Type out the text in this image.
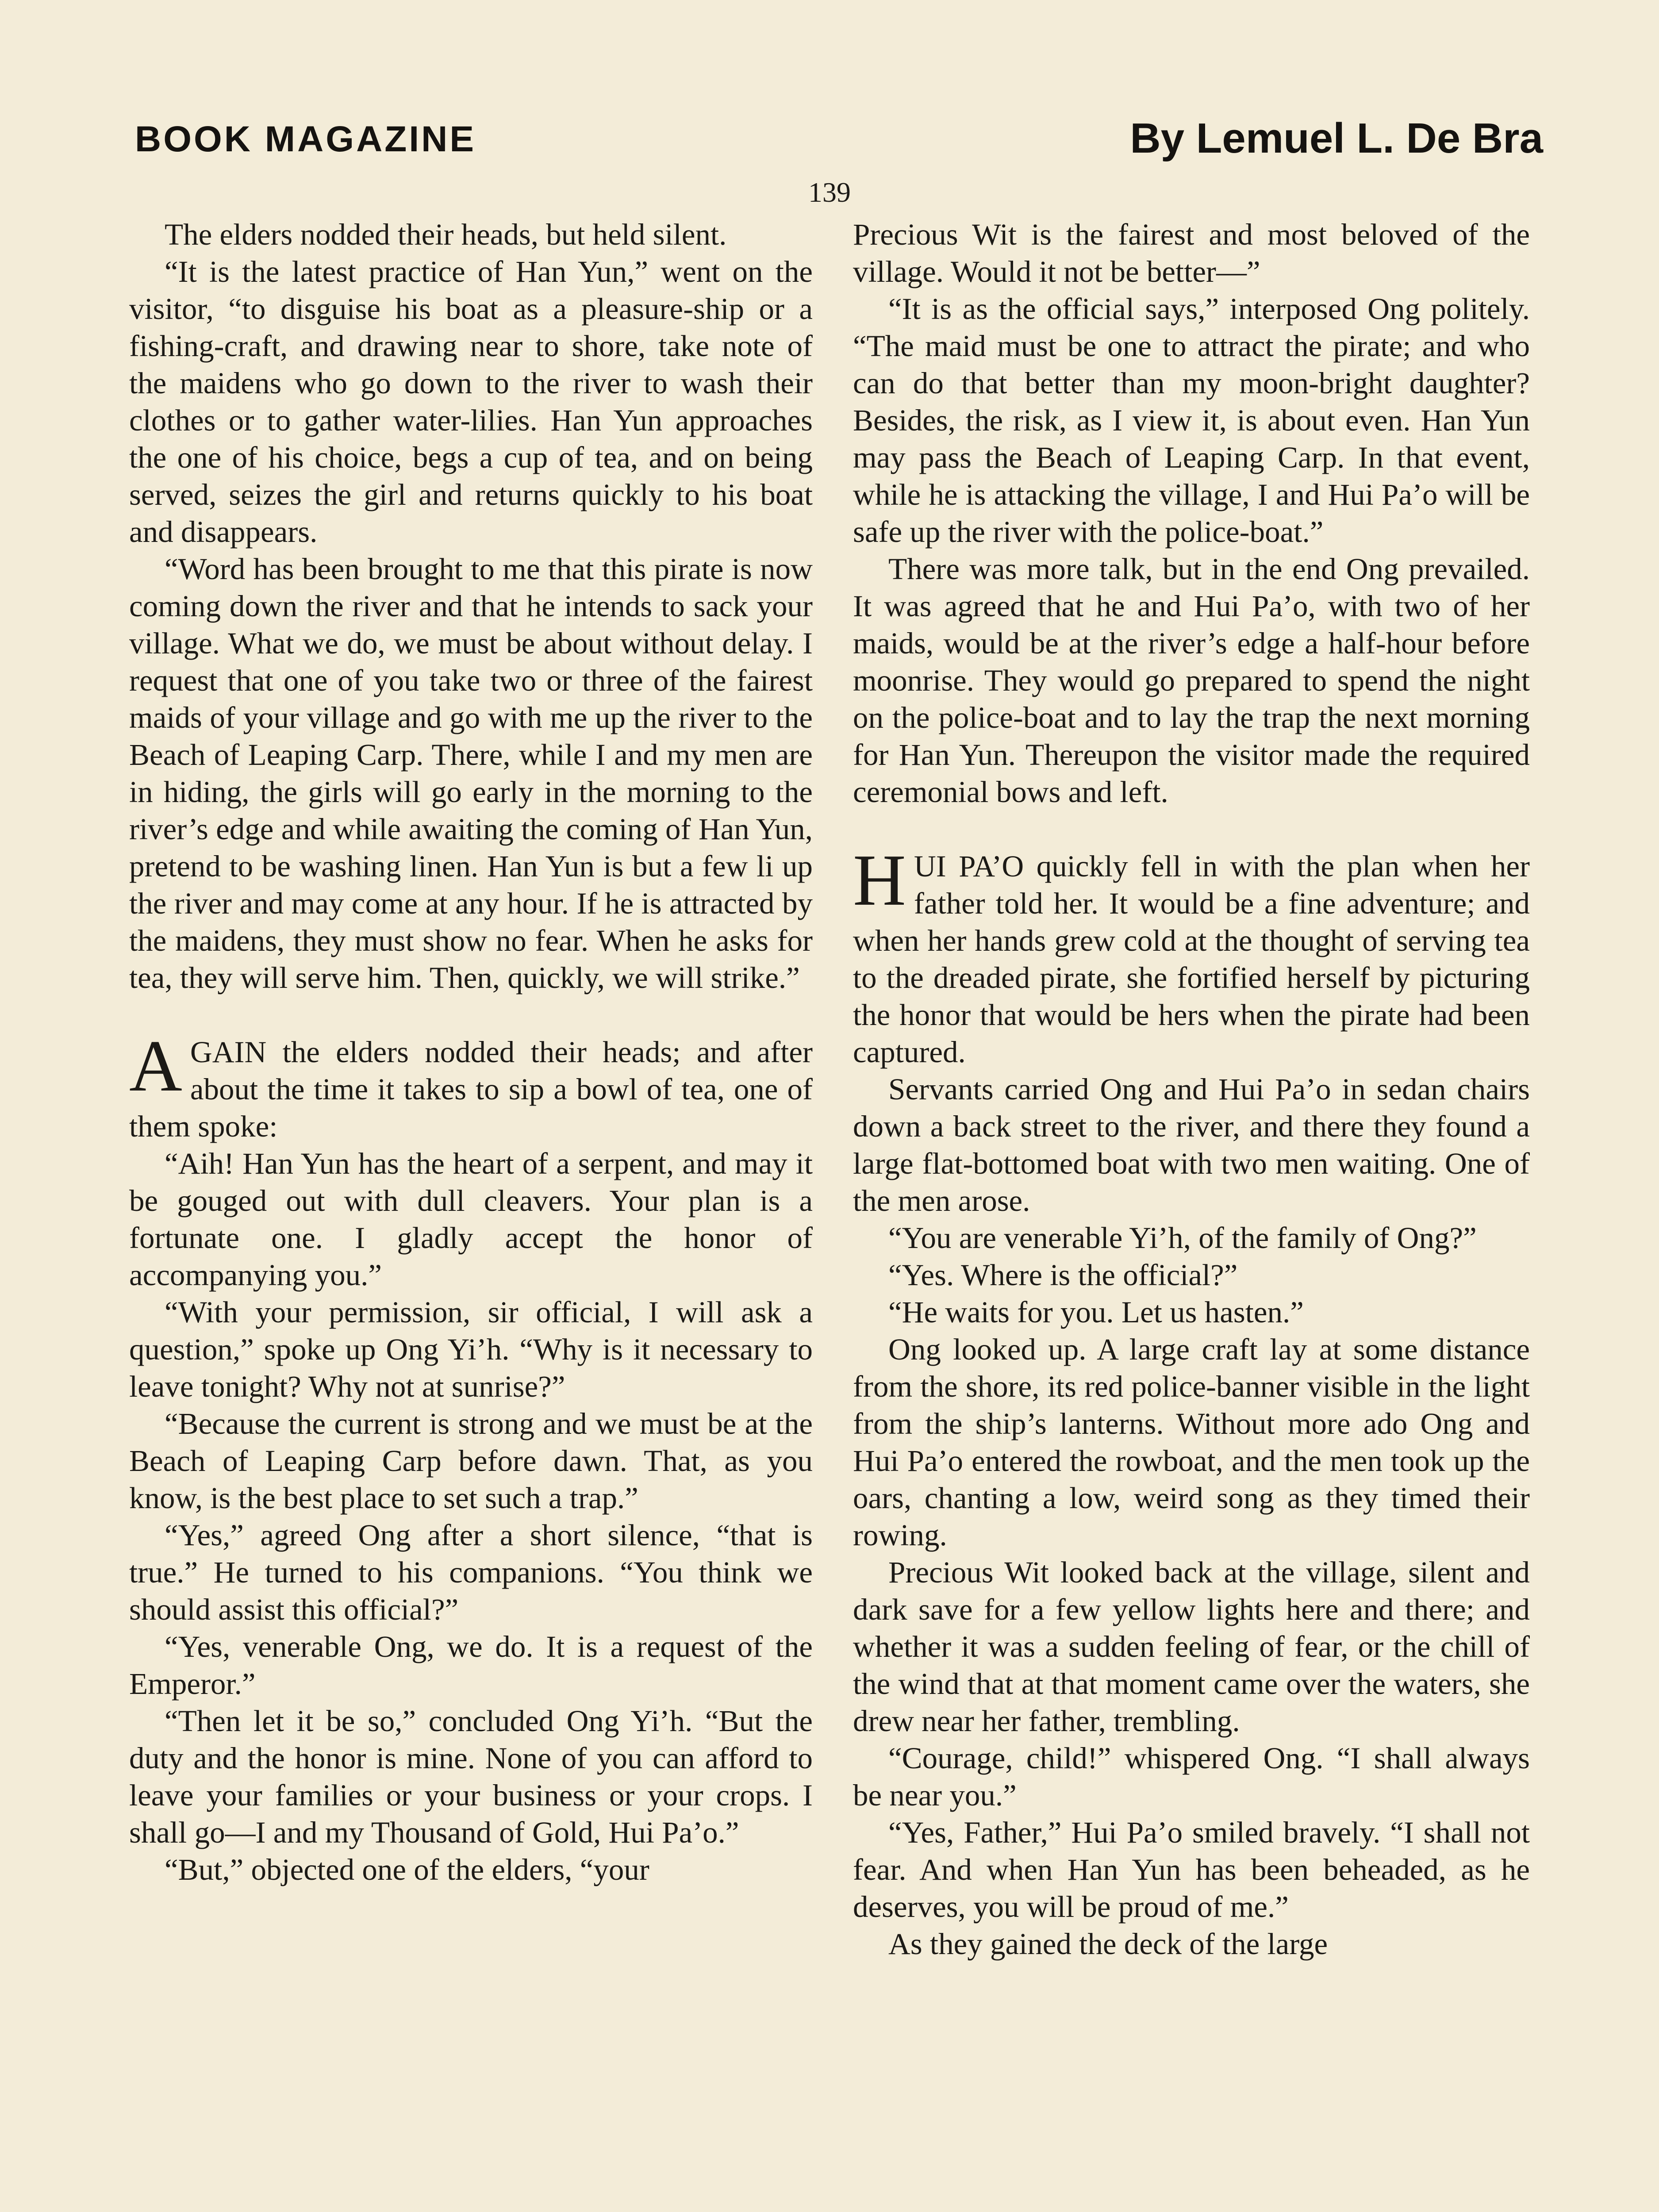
BOOK MAGAZINE	By Lemuel L. De Bra
139

The elders nodded their heads, but held silent.

“It is the latest practice of Han Yun,” went on the visitor, “to disguise his boat as a pleasure-ship or a fishing-craft, and drawing near to shore, take note of the maidens who go down to the river to wash their clothes or to gather water-lilies. Han Yun approaches the one of his choice, begs a cup of tea, and on being served, seizes the girl and returns quickly to his boat and disappears.

“Word has been brought to me that this pirate is now coming down the river and that he intends to sack your village. What we do, we must be about without delay. I request that one of you take two or three of the fairest maids of your village and go with me up the river to the Beach of Leaping Carp. There, while I and my men are in hiding, the girls will go early in the morning to the river’s edge and while awaiting the coming of Han Yun, pretend to be washing linen. Han Yun is but a few li up the river and may come at any hour. If he is attracted by the maidens, they must show no fear. When he asks for tea, they will serve him. Then, quickly, we will strike.”

AGAIN the elders nodded their heads; and after about the time it takes to sip a bowl of tea, one of them spoke:

“Aih! Han Yun has the heart of a serpent, and may it be gouged out with dull cleavers. Your plan is a fortunate one. I gladly accept the honor of accompanying you.”

“With your permission, sir official, I will ask a question,” spoke up Ong Yi’h. “Why is it necessary to leave tonight? Why not at sunrise?”

“Because the current is strong and we must be at the Beach of Leaping Carp before dawn. That, as you know, is the best place to set such a trap.”

“Yes,” agreed Ong after a short silence, “that is true.” He turned to his companions. “You think we should assist this official?”

“Yes, venerable Ong, we do. It is a request of the Emperor.”

“Then let it be so,” concluded Ong Yi’h. “But the duty and the honor is mine. None of you can afford to leave your families or your business or your crops. I shall go—I and my Thousand of Gold, Hui Pa’o.”

“But,” objected one of the elders, “your

Precious Wit is the fairest and most beloved of the village. Would it not be better—”

“It is as the official says,” interposed Ong politely. “The maid must be one to attract the pirate; and who can do that better than my moon-bright daughter? Besides, the risk, as I view it, is about even. Han Yun may pass the Beach of Leaping Carp. In that event, while he is attacking the village, I and Hui Pa’o will be safe up the river with the police-boat.”

There was more talk, but in the end Ong prevailed. It was agreed that he and Hui Pa’o, with two of her maids, would be at the river’s edge a half-hour before moonrise. They would go prepared to spend the night on the police-boat and to lay the trap the next morning for Han Yun. Thereupon the visitor made the required ceremonial bows and left.

HUI PA’O quickly fell in with the plan when her father told her. It would be a fine adventure; and when her hands grew cold at the thought of serving tea to the dreaded pirate, she fortified herself by picturing the honor that would be hers when the pirate had been captured.

Servants carried Ong and Hui Pa’o in sedan chairs down a back street to the river, and there they found a large flat-bottomed boat with two men waiting. One of the men arose.

“You are venerable Yi’h, of the family of Ong?”

“Yes. Where is the official?”

“He waits for you. Let us hasten.”

Ong looked up. A large craft lay at some distance from the shore, its red police-banner visible in the light from the ship’s lanterns. Without more ado Ong and Hui Pa’o entered the rowboat, and the men took up the oars, chanting a low, weird song as they timed their rowing.

Precious Wit looked back at the village, silent and dark save for a few yellow lights here and there; and whether it was a sudden feeling of fear, or the chill of the wind that at that moment came over the waters, she drew near her father, trembling.

“Courage, child!” whispered Ong. “I shall always be near you.”

“Yes, Father,” Hui Pa’o smiled bravely. “I shall not fear. And when Han Yun has been beheaded, as he deserves, you will be proud of me.”

As they gained the deck of the large
